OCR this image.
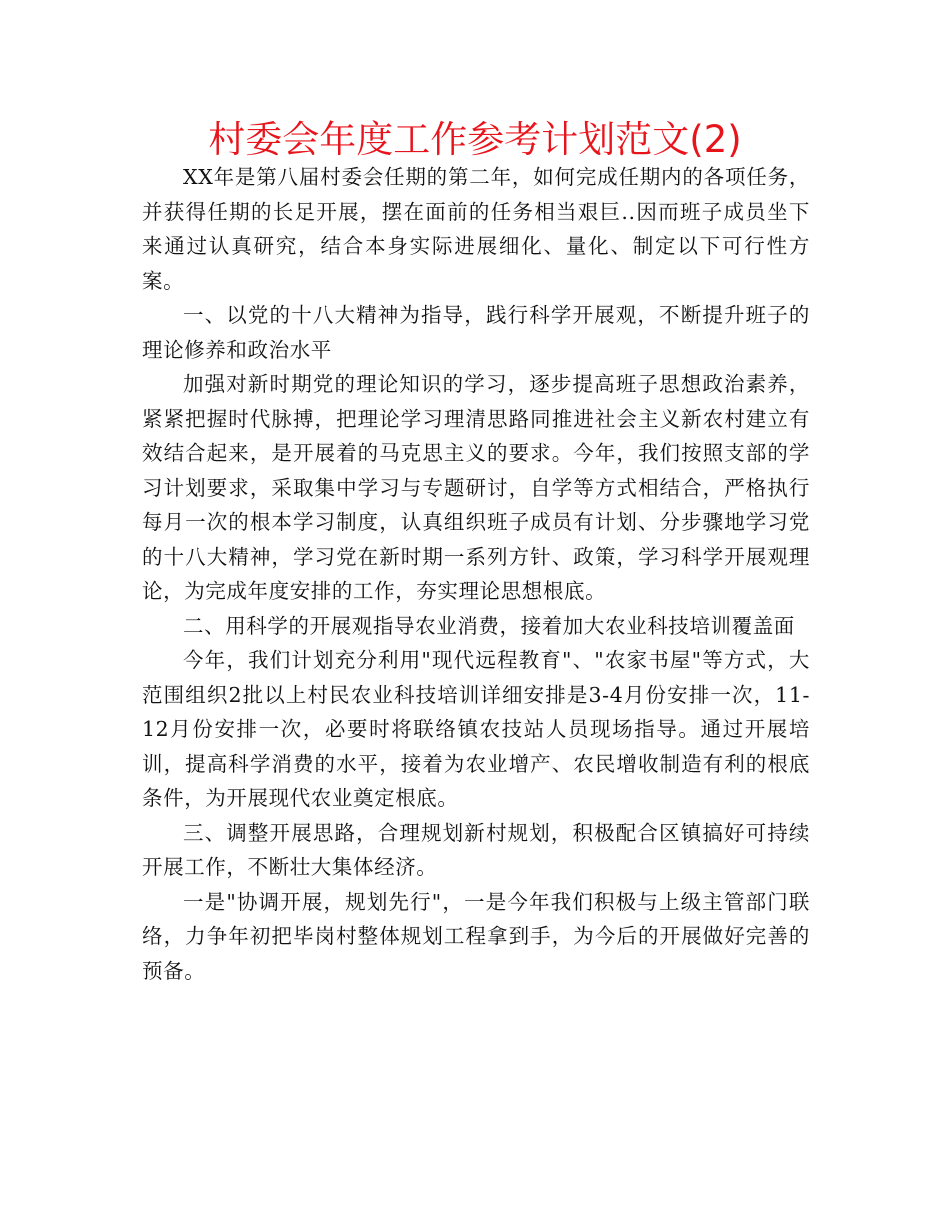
村委会年度工作参考计划范文(2)

XX年是第八届村委会任期的第二年，如何完成任期内的各项任务，并获得任期的长足开展，摆在面前的任务相当艰巨..因而班子成员坐下来通过认真研究，结合本身实际进展细化、量化、制定以下可行性方案。

一、以党的十八大精神为指导，践行科学开展观，不断提升班子的理论修养和政治水平

加强对新时期党的理论知识的学习，逐步提高班子思想政治素养，紧紧把握时代脉搏，把理论学习理清思路同推进社会主义新农村建立有效结合起来，是开展着的马克思主义的要求。今年，我们按照支部的学习计划要求，采取集中学习与专题研讨，自学等方式相结合，严格执行每月一次的根本学习制度，认真组织班子成员有计划、分步骤地学习党的十八大精神，学习党在新时期一系列方针、政策，学习科学开展观理论，为完成年度安排的工作，夯实理论思想根底。

二、用科学的开展观指导农业消费，接着加大农业科技培训覆盖面

今年，我们计划充分利用"现代远程教育"、"农家书屋"等方式，大范围组织2批以上村民农业科技培训详细安排是3-4月份安排一次，11-12月份安排一次，必要时将联络镇农技站人员现场指导。通过开展培训，提高科学消费的水平，接着为农业增产、农民增收制造有利的根底条件，为开展现代农业奠定根底。

三、调整开展思路，合理规划新村规划，积极配合区镇搞好可持续开展工作，不断壮大集体经济。

一是"协调开展，规划先行"，一是今年我们积极与上级主管部门联络，力争年初把毕岗村整体规划工程拿到手，为今后的开展做好完善的预备。
